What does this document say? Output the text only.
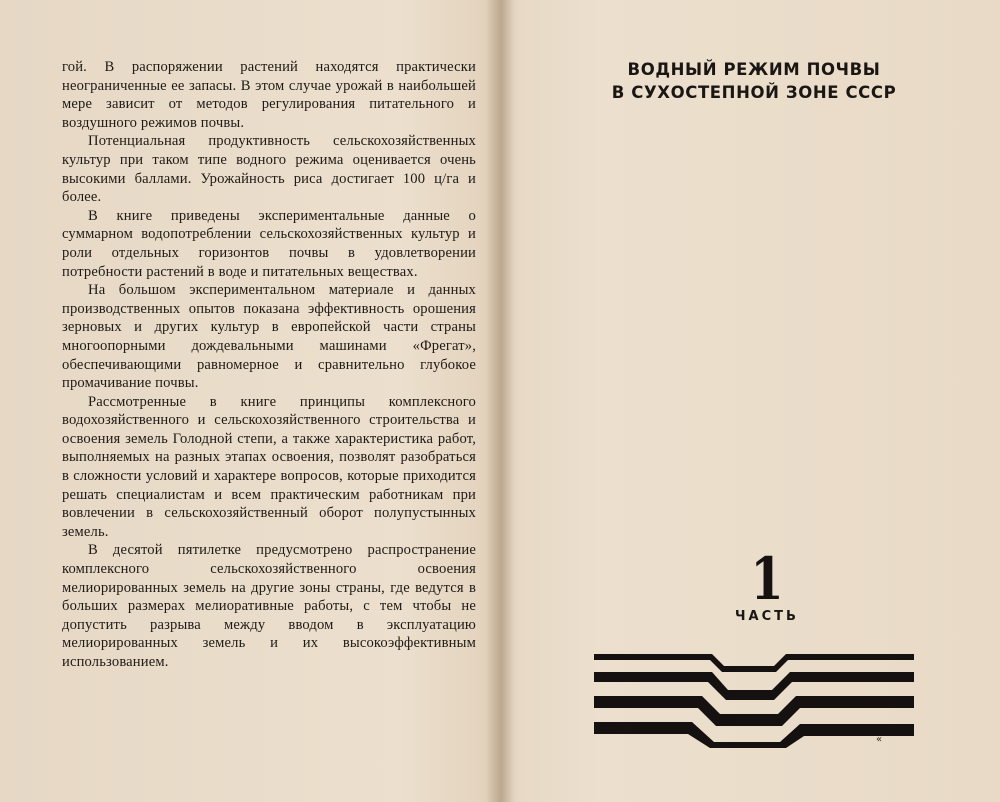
гой. В распоряжении растений находятся практически неограниченные ее запасы. В этом случае урожай в наибольшей мере зависит от методов регулирования питательного и воздушного режимов почвы.

Потенциальная продуктивность сельскохозяйственных культур при таком типе водного режима оценивается очень высокими баллами. Урожайность риса достигает 100 ц/га и более.

В книге приведены экспериментальные данные о суммарном водопотреблении сельскохозяйственных культур и роли отдельных горизонтов почвы в удовлетворении потребности растений в воде и питательных веществах.

На большом экспериментальном материале и данных производственных опытов показана эффективность орошения зерновых и других культур в европейской части страны многоопорными дождевальными машинами «Фрегат», обеспечивающими равномерное и сравнительно глубокое промачивание почвы.

Рассмотренные в книге принципы комплексного водохозяйственного и сельскохозяйственного строительства и освоения земель Голодной степи, а также характеристика работ, выполняемых на разных этапах освоения, позволят разобраться в сложности условий и характере вопросов, которые приходится решать специалистам и всем практическим работникам при вовлечении в сельскохозяйственный оборот полупустынных земель.

В десятой пятилетке предусмотрено распространение комплексного сельскохозяйственного освоения мелиорированных земель на другие зоны страны, где ведутся в больших размерах мелиоративные работы, с тем чтобы не допустить разрыва между вводом в эксплуатацию мелиорированных земель и их высокоэффективным использованием.

ВОДНЫЙ РЕЖИМ ПОЧВЫ
В СУХОСТЕПНОЙ ЗОНЕ СССР
1
ЧАСТЬ
«
